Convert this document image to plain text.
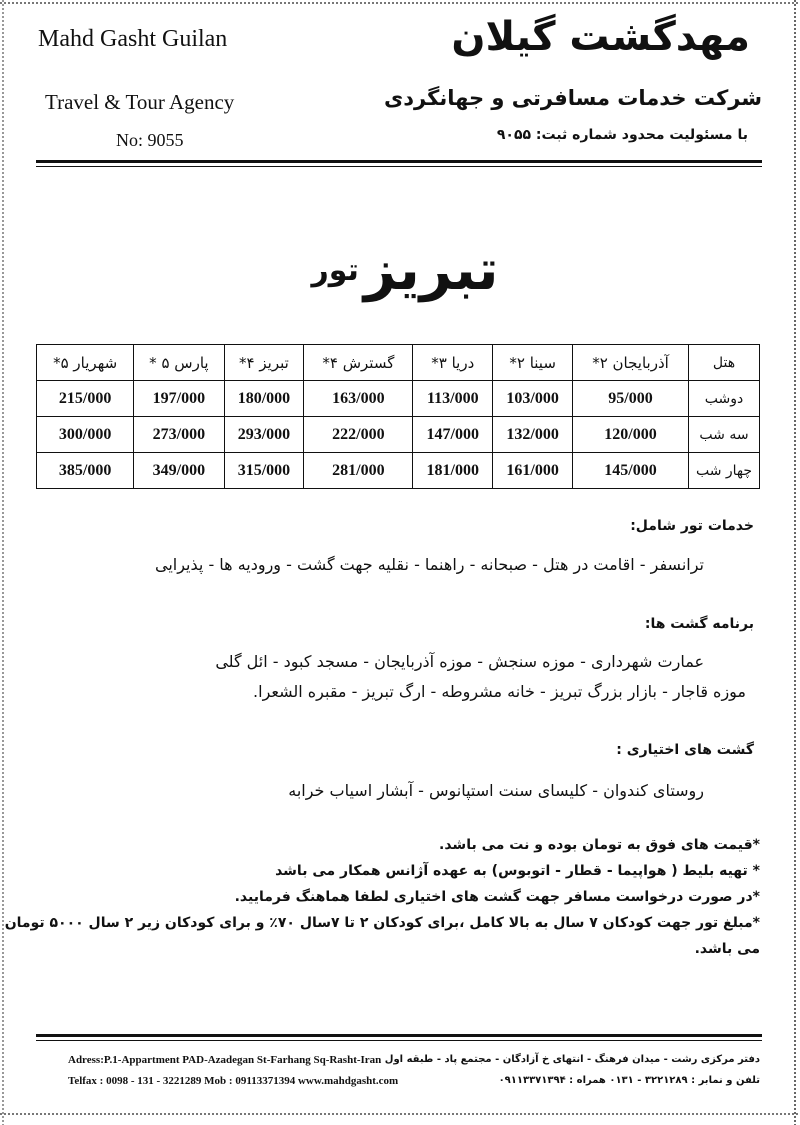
Mahd Gasht Guilan
Travel & Tour Agency
No: 9055
مهدگشت گیلان
شرکت خدمات مسافرتی و جهانگردی
با مسئولیت محدود شماره ثبت: ۹۰۵۵
تبریز تور
هتل	آذربایجان ۲*	سینا ۲*	دریا ۳*	گسترش ۴*	تبریز ۴*	پارس ۵ *	شهریار ۵*
دوشب	95/000	103/000	113/000	163/000	180/000	197/000	215/000
سه شب	120/000	132/000	147/000	222/000	293/000	273/000	300/000
چهار شب	145/000	161/000	181/000	281/000	315/000	349/000	385/000
خدمات تور شامل:
ترانسفر - اقامت در هتل - صبحانه - راهنما - نقلیه جهت گشت - ورودیه ها - پذیرایی
برنامه گشت ها:
عمارت شهرداری - موزه سنجش - موزه آذربایجان - مسجد کبود - ائل گلی
موزه قاجار - بازار بزرگ تبریز - خانه مشروطه - ارگ تبریز - مقبره الشعرا.
گشت های اختیاری :
روستای کندوان - کلیسای سنت استپانوس - آبشار اسیاب خرابه
*قیمت های فوق به تومان بوده و نت می باشد.
* تهیه بلیط ( هواپیما - قطار - اتوبوس) به عهده آژانس همکار می باشد
*در صورت درخواست مسافر جهت گشت های اختیاری لطفا هماهنگ فرمایید.
*مبلغ تور جهت کودکان ۷ سال به بالا کامل ،برای کودکان ۲ تا ۷سال ۷۰٪ و برای کودکان زیر ۲ سال ۵۰۰۰ تومان می باشد.
Adress:P.1-Appartment PAD-Azadegan St-Farhang Sq-Rasht-Iran
Telfax : 0098 - 131 - 3221289 Mob : 09113371394 www.mahdgasht.com
دفتر مرکزی رشت - میدان فرهنگ - انتهای خ آزادگان - مجتمع پاد - طبقه اول
تلفن و نمابر : ۳۲۲۱۲۸۹ - ۰۱۳۱ همراه : ۰۹۱۱۳۳۷۱۳۹۴
